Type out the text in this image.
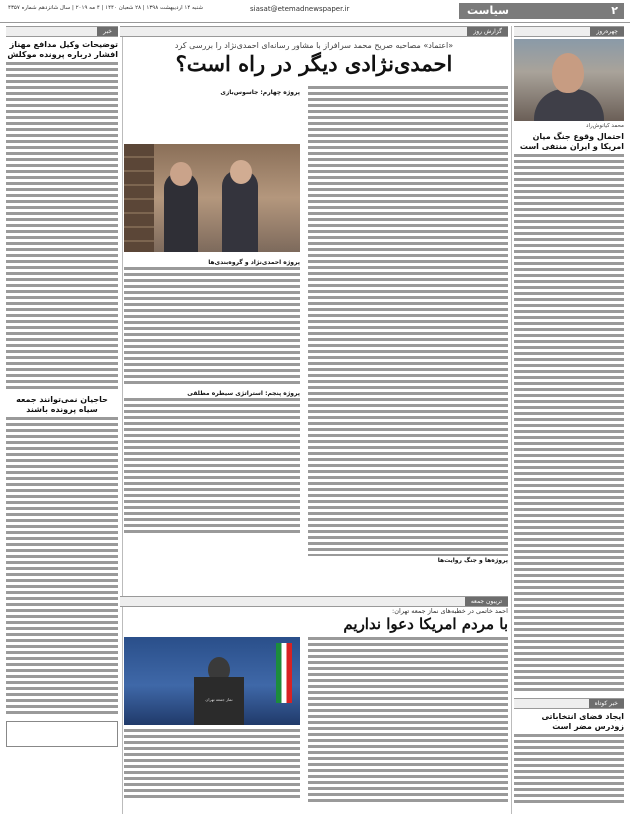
۲
سیاست
siasat@etemadnewspaper.ir
شنبه ۱۴ اردیبهشت ۱۳۹۸ | ۲۸ شعبان ۱۴۴۰ | ۴ مه ۲۰۱۹ | سال شانزدهم شماره ۴۳۵۷
چهره‌روز
محمد کیانوش‌راد
احتمال وقوع جنگ میان امریکا و ایران منتفی است
خبر کوتاه
ایجاد فضای انتخاباتی زودرس مضر است
گزارش روز
«اعتماد» مصاحبه صریح محمد سرافراز با مشاور رسانه‌ای احمدی‌نژاد را بررسی کرد
احمدی‌نژادی دیگر در راه است؟
پروژه احمدی‌نژاد و گروه‌بندی‌ها
پروژه پنجم: استراتژی سیطره مطلقی
پروژه چهارم: جاسوس‌بازی
پروژه‌ها و جنگ روایت‌ها
تریبون جمعه
احمد خاتمی در خطبه‌های نماز جمعه تهران:
با مردم امریکا دعوا نداریم
نماز جمعه تهران
خبر
توضیحات وکیل مدافع مهناز افشار درباره پرونده موکلش
حاجیان نمی‌توانند جمعه سیاه پرونده باشند
